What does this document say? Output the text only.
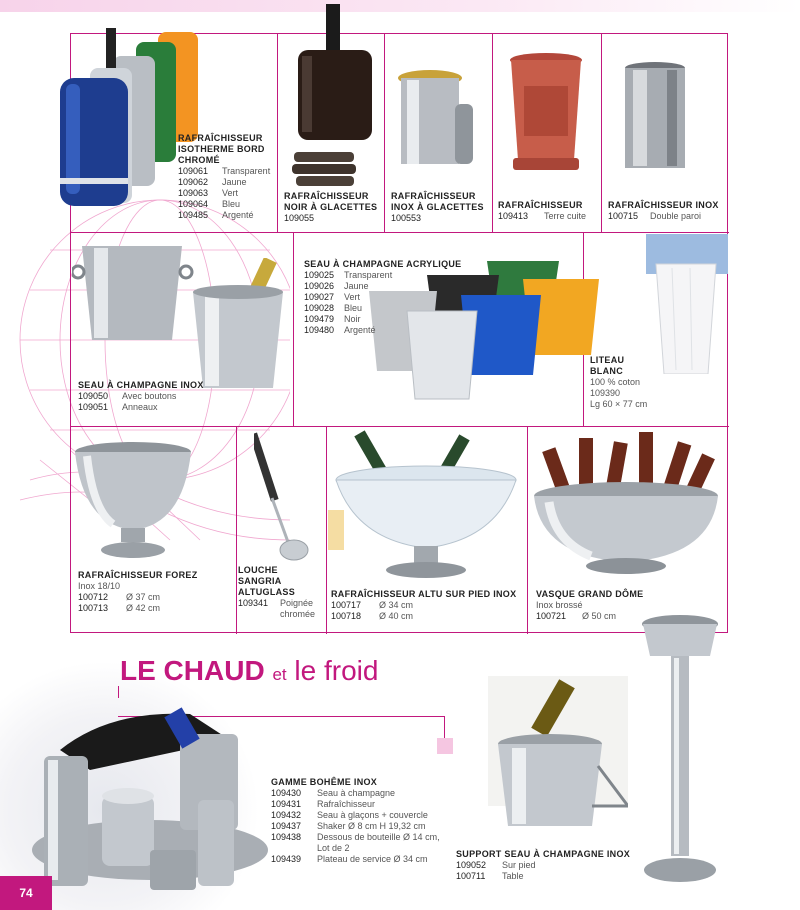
LE CHAUD et le froid
74
RAFRAÎCHISSEUR
ISOTHERME BORD
CHROMÉ
109061 Transparent
109062 Jaune
109063 Vert
109064 Bleu
109485 Argenté
RAFRAÎCHISSEUR
NOIR À GLACETTES
109055
RAFRAÎCHISSEUR
INOX À GLACETTES
100553
RAFRAÎCHISSEUR
109413 Terre cuite
RAFRAÎCHISSEUR INOX
100715 Double paroi
SEAU À CHAMPAGNE INOX
109050 Avec boutons
109051 Anneaux
SEAU À CHAMPAGNE ACRYLIQUE
109025 Transparent
109026 Jaune
109027 Vert
109028 Bleu
109479 Noir
109480 Argenté
LITEAU
BLANC
100 % coton
109390
Lg 60 × 77 cm
RAFRAÎCHISSEUR FOREZ
Inox 18/10
100712 Ø 37 cm
100713 Ø 42 cm
LOUCHE
SANGRIA
ALTUGLASS
109341 Poignée
chromée
RAFRAÎCHISSEUR ALTU SUR PIED INOX
100717 Ø 34 cm
100718 Ø 40 cm
VASQUE GRAND DÔME
Inox brossé
100721 Ø 50 cm
GAMME BOHÊME INOX
109430 Seau à champagne
109431 Rafraîchisseur
109432 Seau à glaçons + couvercle
109437 Shaker Ø 8 cm H 19,32 cm
109438 Dessous de bouteille Ø 14 cm,
Lot de 2
109439 Plateau de service Ø 34 cm	SUPPORT SEAU À CHAMPAGNE INOX
109052 Sur pied
100711 Table
